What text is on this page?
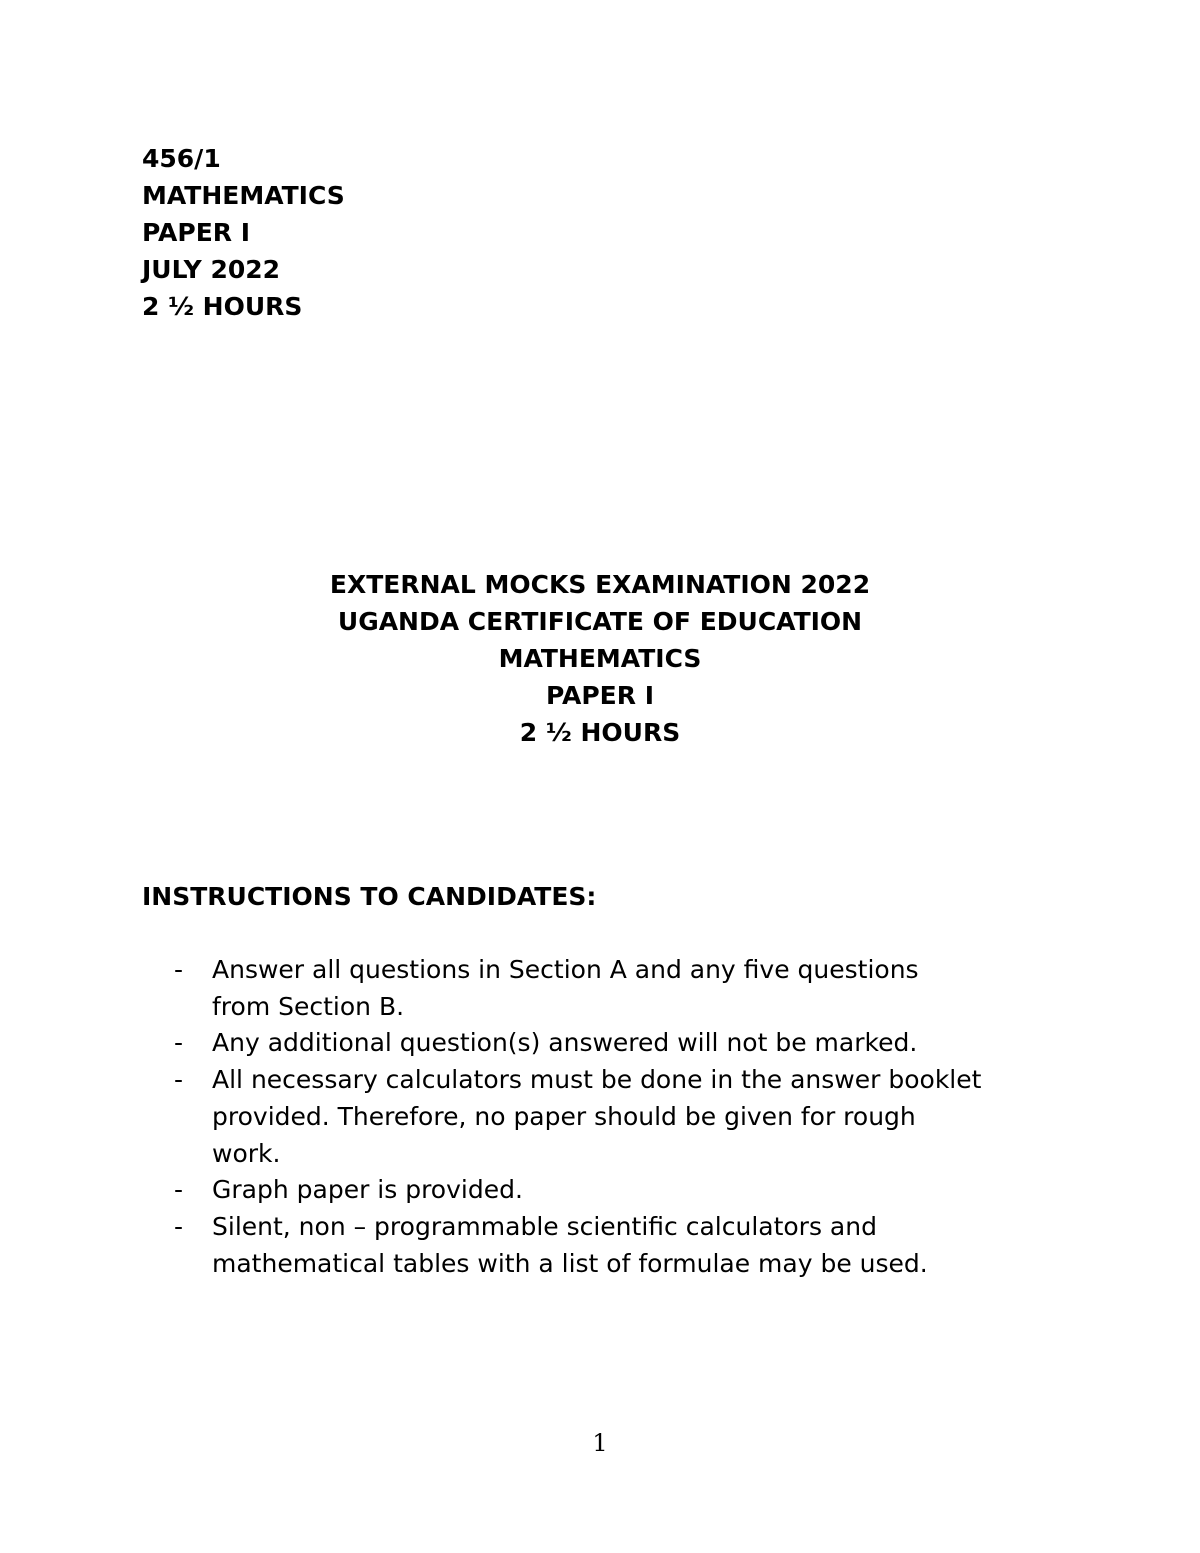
456/1
MATHEMATICS
PAPER I
JULY 2022
2 ½ HOURS
EXTERNAL MOCKS EXAMINATION 2022
UGANDA CERTIFICATE OF EDUCATION
MATHEMATICS
PAPER I
2 ½ HOURS
INSTRUCTIONS TO CANDIDATES:
-	Answer all questions in Section A and any five questions
from Section B.
-	Any additional question(s) answered will not be marked.
-	All necessary calculators must be done in the answer booklet
provided. Therefore, no paper should be given for rough
work.
-	Graph paper is provided.
-	Silent, non – programmable scientific calculators and
mathematical tables with a list of formulae may be used.
1
